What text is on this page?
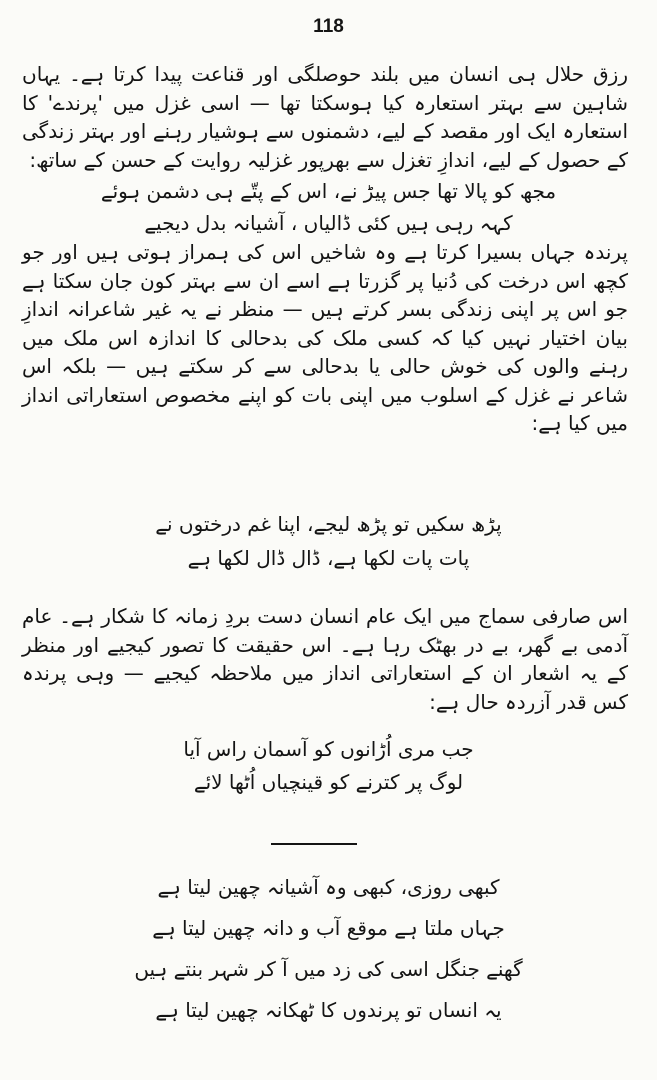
118

رزق حلال ہی انسان میں بلند حوصلگی اور قناعت پیدا کرتا ہے۔ یہاں شاہین سے بہتر استعارہ کیا ہوسکتا تھا — اسی غزل میں 'پرندے' کا استعارہ ایک اور مقصد کے لیے، دشمنوں سے ہوشیار رہنے اور بہتر زندگی کے حصول کے لیے، اندازِ تغزل سے بھرپور غزلیہ روایت کے حسن کے ساتھ:

مجھ کو پالا تھا جس پیڑ نے، اس کے پتّے ہی دشمن ہوئے

کہہ رہی ہیں کئی ڈالیاں ، آشیانہ بدل دیجیے

پرندہ جہاں بسیرا کرتا ہے وہ شاخیں اس کی ہمراز ہوتی ہیں اور جو کچھ اس درخت کی دُنیا پر گزرتا ہے اسے ان سے بہتر کون جان سکتا ہے جو اس پر اپنی زندگی بسر کرتے ہیں — منظر نے یہ غیر شاعرانہ اندازِ بیان اختیار نہیں کیا کہ کسی ملک کی بدحالی کا اندازہ اس ملک میں رہنے والوں کی خوش حالی یا بدحالی سے کر سکتے ہیں — بلکہ اس شاعر نے غزل کے اسلوب میں اپنی بات کو اپنے مخصوص استعاراتی انداز میں کیا ہے:

پڑھ سکیں تو پڑھ لیجے، اپنا غم درختوں نے

پات پات لکھا ہے، ڈال ڈال لکھا ہے

اس صارفی سماج میں ایک عام انسان دست بردِ زمانہ کا شکار ہے۔ عام آدمی بے گھر، بے در بھٹک رہا ہے۔ اس حقیقت کا تصور کیجیے اور منظر کے یہ اشعار ان کے استعاراتی انداز میں ملاحظہ کیجیے — وہی پرندہ کس قدر آزردہ حال ہے:

جب مری اُڑانوں کو آسمان راس آیا

لوگ پر کترنے کو قینچیاں اُٹھا لائے

کبھی روزی، کبھی وہ آشیانہ چھین لیتا ہے

جہاں ملتا ہے موقع آب و دانہ چھین لیتا ہے

گھنے جنگل اسی کی زد میں آ کر شہر بنتے ہیں

یہ انساں تو پرندوں کا ٹھکانہ چھین لیتا ہے
